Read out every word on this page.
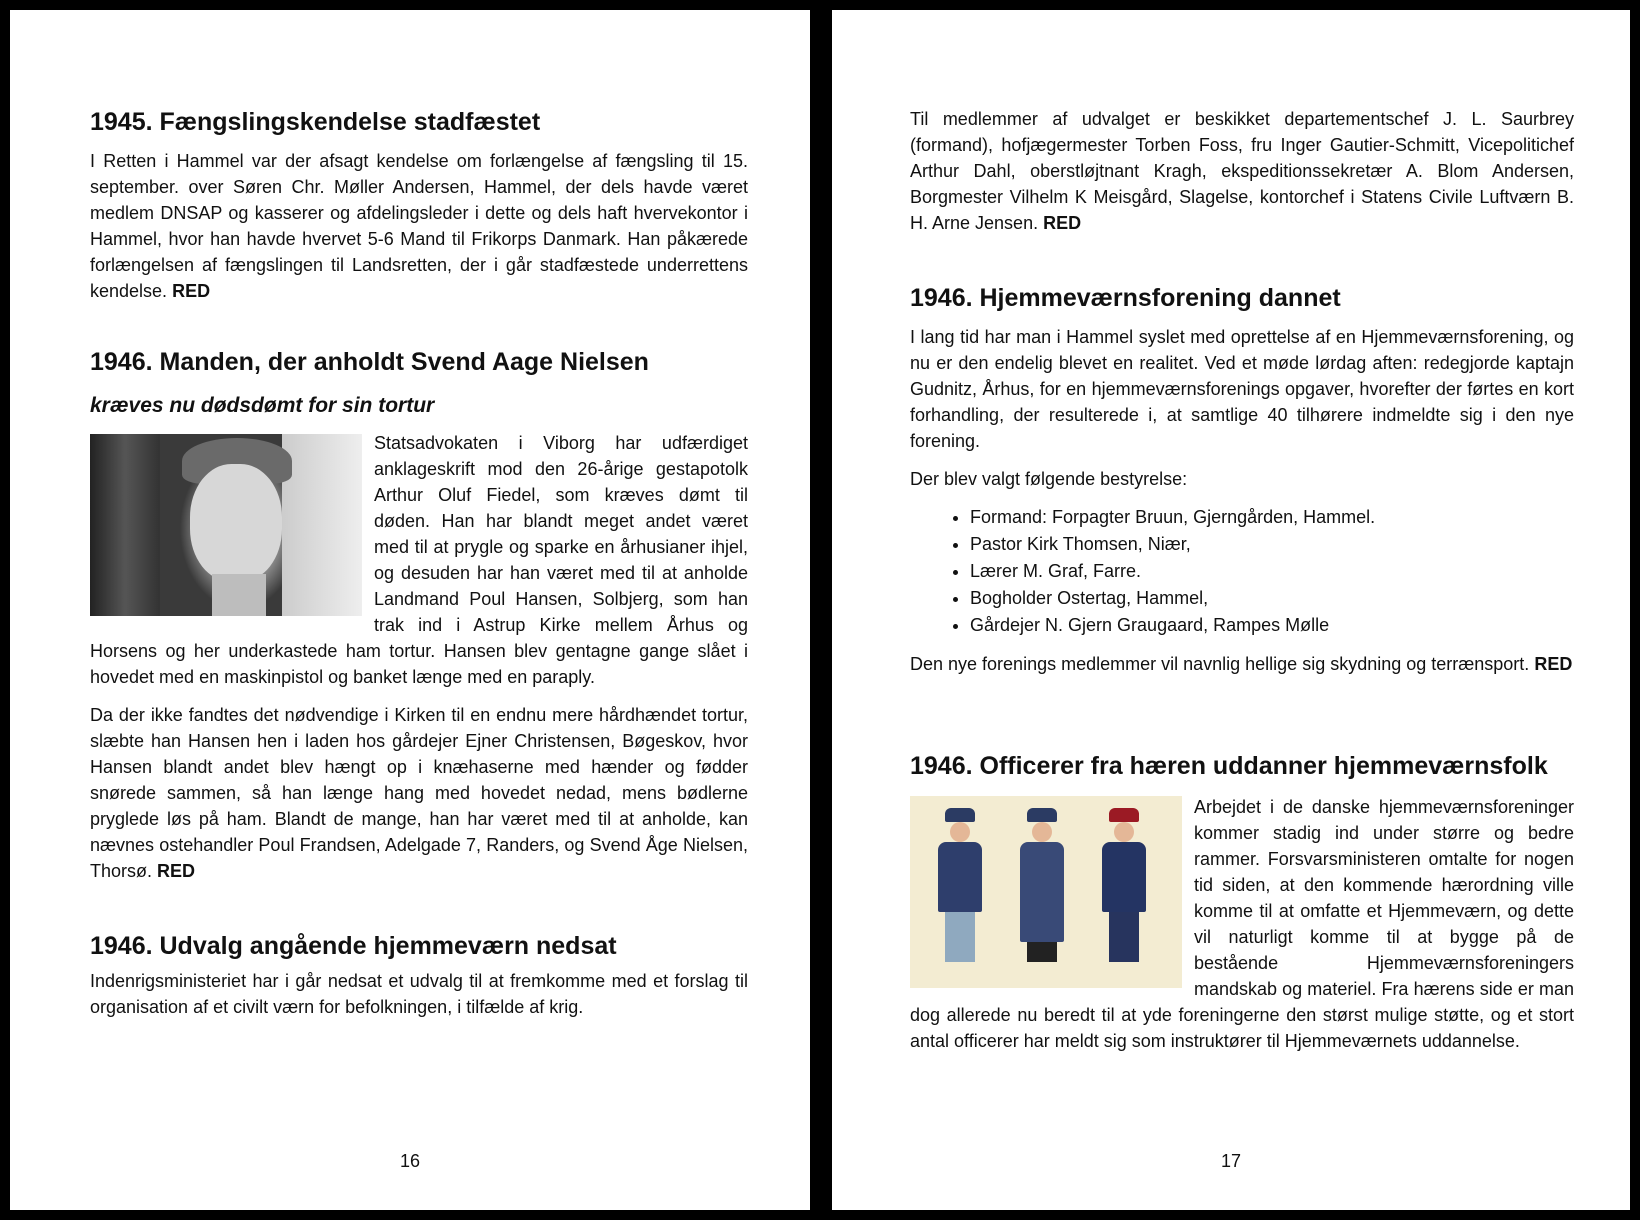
1945. Fængslingskendelse stadfæstet

I Retten i Hammel var der afsagt kendelse om forlængelse af fængsling til 15. september. over Søren Chr. Møller Andersen, Hammel, der dels havde været medlem DNSAP og kasserer og afdelingsleder i dette og dels haft hvervekontor i Hammel, hvor han havde hvervet 5-6 Mand til Frikorps Danmark. Han påkærede forlængelsen af fængslingen til Landsretten, der i går stadfæstede underrettens kendelse. RED

1946. Manden, der anholdt Svend Aage Nielsen
kræves nu dødsdømt for sin tortur

Statsadvokaten i Viborg har udfærdiget anklageskrift mod den 26-årige gestapotolk Arthur Oluf Fiedel, som kræves dømt til døden. Han har blandt meget andet været med til at prygle og sparke en århusianer ihjel, og desuden har han været med til at anholde Landmand Poul Hansen, Solbjerg, som han trak ind i Astrup Kirke mellem Århus og Horsens og her underkastede ham tortur. Hansen blev gentagne gange slået i hovedet med en maskinpistol og banket længe med en paraply.

Da der ikke fandtes det nødvendige i Kirken til en endnu mere hårdhændet tortur, slæbte han Hansen hen i laden hos gårdejer Ejner Christensen, Bøgeskov, hvor Hansen blandt andet blev hængt op i knæhaserne med hænder og fødder snørede sammen, så han længe hang med hovedet nedad, mens bødlerne pryglede løs på ham. Blandt de mange, han har været med til at anholde, kan nævnes ostehandler Poul Frandsen, Adelgade 7, Randers, og Svend Åge Nielsen, Thorsø. RED

1946. Udvalg angående hjemmeværn nedsat

Indenrigsministeriet har i går nedsat et udvalg til at fremkomme med et forslag til organisation af et civilt værn for befolkningen, i tilfælde af krig.

16

Til medlemmer af udvalget er beskikket departementschef J. L. Saurbrey (formand), hofjægermester Torben Foss, fru Inger Gautier-Schmitt, Vicepolitichef Arthur Dahl, oberstløjtnant Kragh, ekspeditionssekretær A. Blom Andersen, Borgmester Vilhelm K Meisgård, Slagelse, kontorchef i Statens Civile Luftværn B. H. Arne Jensen. RED

1946. Hjemmeværnsforening dannet

I lang tid har man i Hammel syslet med oprettelse af en Hjemmeværnsforening, og nu er den endelig blevet en realitet. Ved et møde lørdag aften: redegjorde kaptajn Gudnitz, Århus, for en hjemmeværnsforenings opgaver, hvorefter der førtes en kort forhandling, der resulterede i, at samtlige 40 tilhørere indmeldte sig i den nye forening.

Der blev valgt følgende bestyrelse:

• Formand: Forpagter Bruun, Gjerngården, Hammel.
• Pastor Kirk Thomsen, Niær,
• Lærer M. Graf, Farre.
• Bogholder Ostertag, Hammel,
• Gårdejer N. Gjern Graugaard, Rampes Mølle

Den nye forenings medlemmer vil navnlig hellige sig skydning og terrænsport. RED

1946. Officerer fra hæren uddanner hjemmeværnsfolk

Arbejdet i de danske hjemmeværnsforeninger kommer stadig ind under større og bedre rammer. Forsvarsministeren omtalte for nogen tid siden, at den kommende hærordning ville komme til at omfatte et Hjemmeværn, og dette vil naturligt komme til at bygge på de bestående Hjemmeværnsforeningers mandskab og materiel. Fra hærens side er man dog allerede nu beredt til at yde foreningerne den størst mulige støtte, og et stort antal officerer har meldt sig som instruktører til Hjemmeværnets uddannelse.

17
